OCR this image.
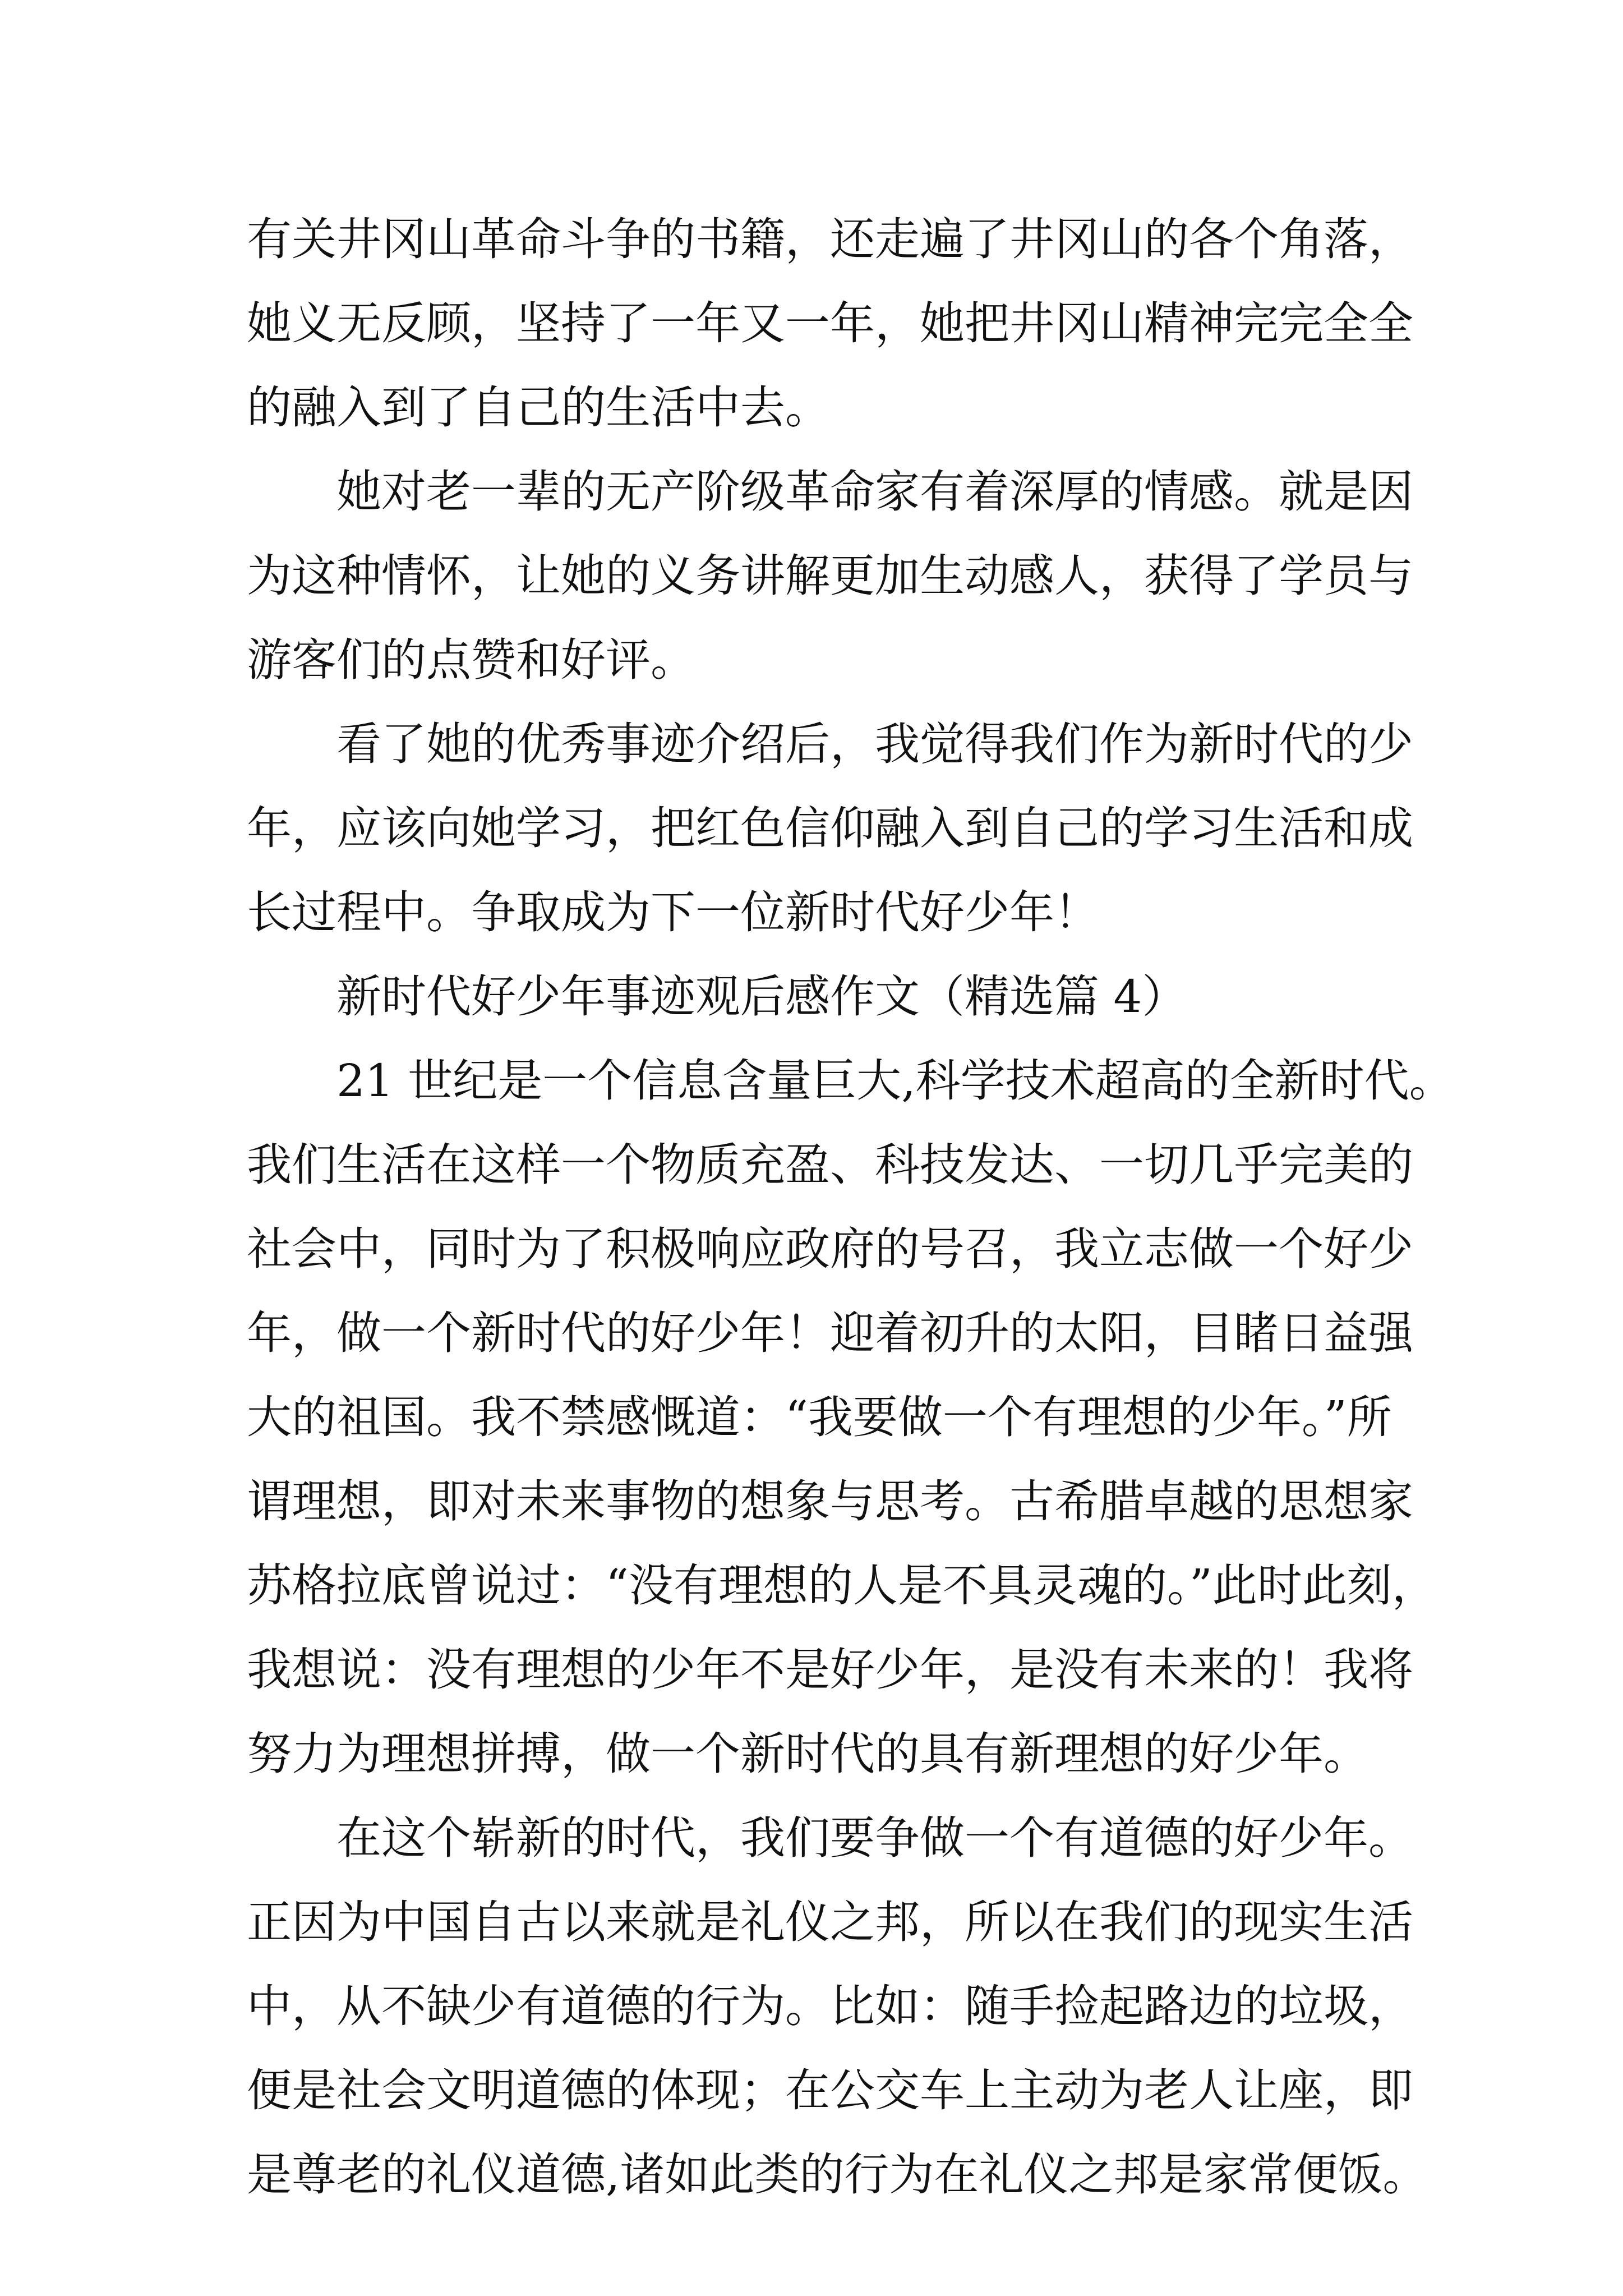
有关井冈山革命斗争的书籍，还走遍了井冈山的各个角落，
她义无反顾，坚持了一年又一年，她把井冈山精神完完全全
的融入到了自己的生活中去。
她对老一辈的无产阶级革命家有着深厚的情感。就是因
为这种情怀，让她的义务讲解更加生动感人，获得了学员与
游客们的点赞和好评。
看了她的优秀事迹介绍后，我觉得我们作为新时代的少
年，应该向她学习，把红色信仰融入到自己的学习生活和成
长过程中。争取成为下一位新时代好少年！
新时代好少年事迹观后感作文（精选篇 4）
21 世纪是一个信息含量巨大,科学技术超高的全新时代。
我们生活在这样一个物质充盈、科技发达、一切几乎完美的
社会中，同时为了积极响应政府的号召，我立志做一个好少
年，做一个新时代的好少年！迎着初升的太阳，目睹日益强
大的祖国。我不禁感慨道：“我要做一个有理想的少年。”所
谓理想，即对未来事物的想象与思考。古希腊卓越的思想家
苏格拉底曾说过：“没有理想的人是不具灵魂的。”此时此刻，
我想说：没有理想的少年不是好少年，是没有未来的！我将
努力为理想拼搏，做一个新时代的具有新理想的好少年。
在这个崭新的时代，我们要争做一个有道德的好少年。
正因为中国自古以来就是礼仪之邦，所以在我们的现实生活
中，从不缺少有道德的行为。比如：随手捡起路边的垃圾，
便是社会文明道德的体现；在公交车上主动为老人让座，即
是尊老的礼仪道德,诸如此类的行为在礼仪之邦是家常便饭。
